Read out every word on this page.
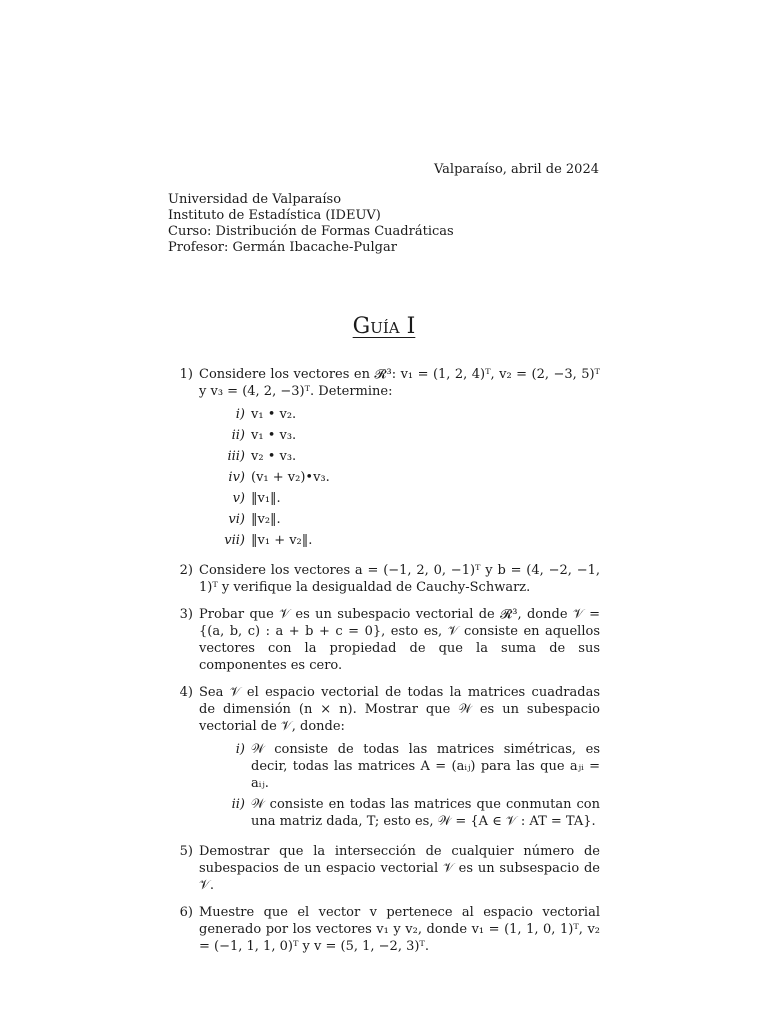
Valparaíso, abril de 2024
Universidad de Valparaíso
Instituto de Estadística (IDEUV)
Curso: Distribución de Formas Cuadráticas
Profesor: Germán Ibacache-Pulgar
Guía I
1) Considere los vectores en 𝓡³: v₁ = (1, 2, 4)ᵀ, v₂ = (2, −3, 5)ᵀ y v₃ = (4, 2, −3)ᵀ. Determine:
i) v₁ • v₂.
ii) v₁ • v₃.
iii) v₂ • v₃.
iv) (v₁ + v₂)•v₃.
v) ‖v₁‖.
vi) ‖v₂‖.
vii) ‖v₁ + v₂‖.
2) Considere los vectores a = (−1, 2, 0, −1)ᵀ y b = (4, −2, −1, 1)ᵀ y verifique la desigualdad de Cauchy-Schwarz.
3) Probar que 𝒱 es un subespacio vectorial de 𝓡³, donde 𝒱 = {(a, b, c) : a + b + c = 0}, esto es, 𝒱 consiste en aquellos vectores con la propiedad de que la suma de sus componentes es cero.
4) Sea 𝒱 el espacio vectorial de todas la matrices cuadradas de dimensión (n × n). Mostrar que 𝒲 es un subespacio vectorial de 𝒱, donde:
i) 𝒲 consiste de todas las matrices simétricas, es decir, todas las matrices A = (aᵢⱼ) para las que aⱼᵢ = aᵢⱼ.
ii) 𝒲 consiste en todas las matrices que conmutan con una matriz dada, T; esto es, 𝒲 = {A ∈ 𝒱 : AT = TA}.
5) Demostrar que la intersección de cualquier número de subespacios de un espacio vectorial 𝒱 es un subsespacio de 𝒱.
6) Muestre que el vector v pertenece al espacio vectorial generado por los vectores v₁ y v₂, donde v₁ = (1, 1, 0, 1)ᵀ, v₂ = (−1, 1, 1, 0)ᵀ y v = (5, 1, −2, 3)ᵀ.
